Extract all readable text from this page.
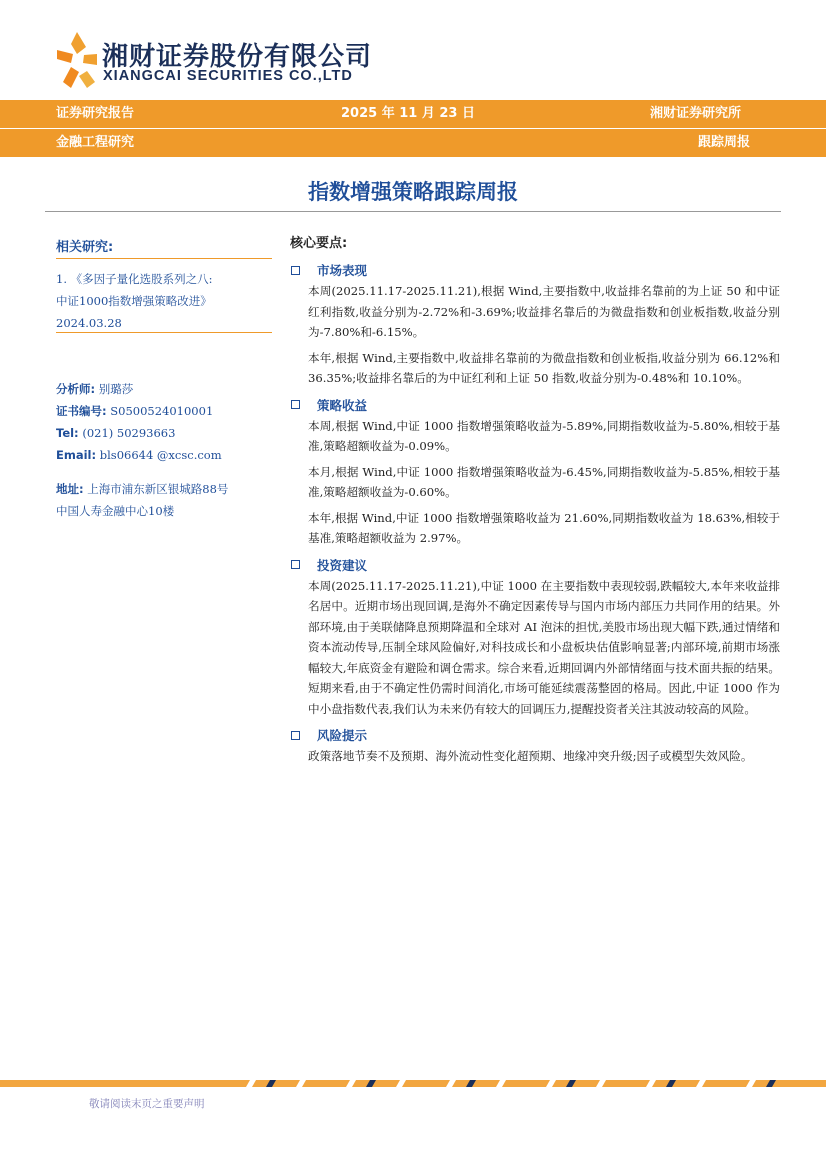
湘财证券股份有限公司
XIANGCAI SECURITIES CO.,LTD
证券研究报告	2025 年 11 月 23 日	湘财证券研究所
金融工程研究	跟踪周报
指数增强策略跟踪周报
相关研究:
1. 《多因子量化选股系列之八:
中证1000指数增强策略改进》
2024.03.28
分析师: 别璐莎
证书编号: S0500524010001
Tel: (021) 50293663
Email: bls06644 @xcsc.com
地址: 上海市浦东新区银城路88号
中国人寿金融中心10楼
核心要点:
市场表现
本周(2025.11.17-2025.11.21),根据 Wind,主要指数中,收益排名靠前的为上证 50 和中证红利指数,收益分别为-2.72%和-3.69%;收益排名靠后的为微盘指数和创业板指数,收益分别为-7.80%和-6.15%。
本年,根据 Wind,主要指数中,收益排名靠前的为微盘指数和创业板指,收益分别为 66.12%和 36.35%;收益排名靠后的为中证红利和上证 50 指数,收益分别为-0.48%和 10.10%。
策略收益
本周,根据 Wind,中证 1000 指数增强策略收益为-5.89%,同期指数收益为-5.80%,相较于基准,策略超额收益为-0.09%。
本月,根据 Wind,中证 1000 指数增强策略收益为-6.45%,同期指数收益为-5.85%,相较于基准,策略超额收益为-0.60%。
本年,根据 Wind,中证 1000 指数增强策略收益为 21.60%,同期指数收益为 18.63%,相较于基准,策略超额收益为 2.97%。
投资建议
本周(2025.11.17-2025.11.21),中证 1000 在主要指数中表现较弱,跌幅较大,本年来收益排名居中。近期市场出现回调,是海外不确定因素传导与国内市场内部压力共同作用的结果。外部环境,由于美联储降息预期降温和全球对 AI 泡沫的担忧,美股市场出现大幅下跌,通过情绪和资本流动传导,压制全球风险偏好,对科技成长和小盘板块估值影响显著;内部环境,前期市场涨幅较大,年底资金有避险和调仓需求。综合来看,近期回调内外部情绪面与技术面共振的结果。短期来看,由于不确定性仍需时间消化,市场可能延续震荡整固的格局。因此,中证 1000 作为中小盘指数代表,我们认为未来仍有较大的回调压力,提醒投资者关注其波动较高的风险。
风险提示
政策落地节奏不及预期、海外流动性变化超预期、地缘冲突升级;因子或模型失效风险。
敬请阅读末页之重要声明
